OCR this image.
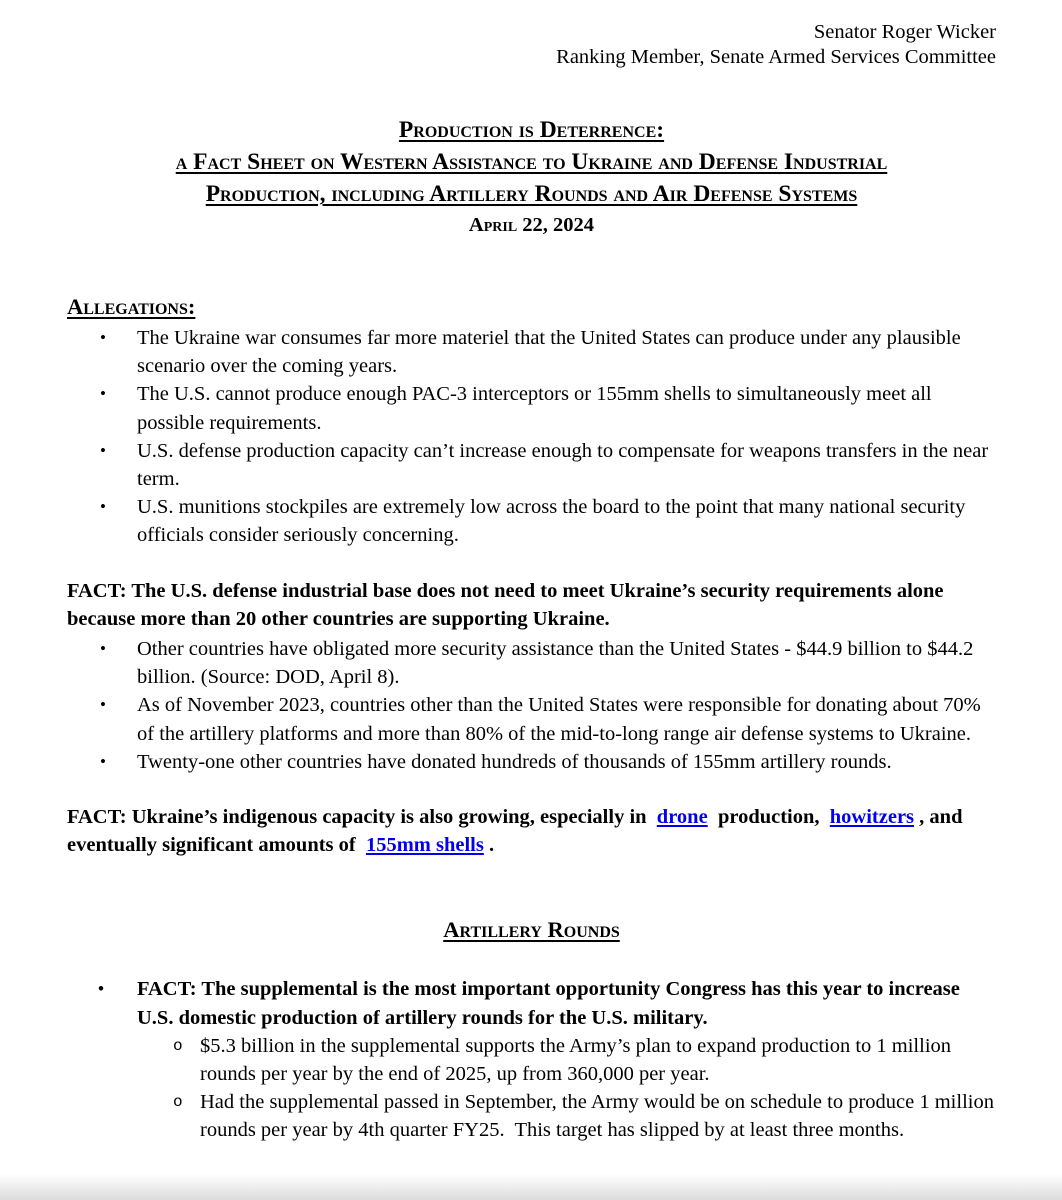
Senator Roger Wicker
Ranking Member, Senate Armed Services Committee
Production is Deterrence:
a Fact Sheet on Western Assistance to Ukraine and Defense Industrial
Production, including Artillery Rounds and Air Defense Systems
April 22, 2024
Allegations:
• The Ukraine war consumes far more materiel that the United States can produce under any plausible scenario over the coming years.
• The U.S. cannot produce enough PAC-3 interceptors or 155mm shells to simultaneously meet all possible requirements.
• U.S. defense production capacity can’t increase enough to compensate for weapons transfers in the near term.
• U.S. munitions stockpiles are extremely low across the board to the point that many national security officials consider seriously concerning.

FACT: The U.S. defense industrial base does not need to meet Ukraine’s security requirements alone because more than 20 other countries are supporting Ukraine.

• Other countries have obligated more security assistance than the United States - $44.9 billion to $44.2 billion. (Source: DOD, April 8).
• As of November 2023, countries other than the United States were responsible for donating about 70% of the artillery platforms and more than 80% of the mid-to-long range air defense systems to Ukraine.
• Twenty-one other countries have donated hundreds of thousands of 155mm artillery rounds.

FACT: Ukraine’s indigenous capacity is also growing, especially in  drone  production,  howitzers , and eventually significant amounts of  155mm shells .

Artillery Rounds
• FACT: The supplemental is the most important opportunity Congress has this year to increase U.S. domestic production of artillery rounds for the U.S. military.
o $5.3 billion in the supplemental supports the Army’s plan to expand production to 1 million rounds per year by the end of 2025, up from 360,000 per year.
o Had the supplemental passed in September, the Army would be on schedule to produce 1 million rounds per year by 4th quarter FY25.  This target has slipped by at least three months.
